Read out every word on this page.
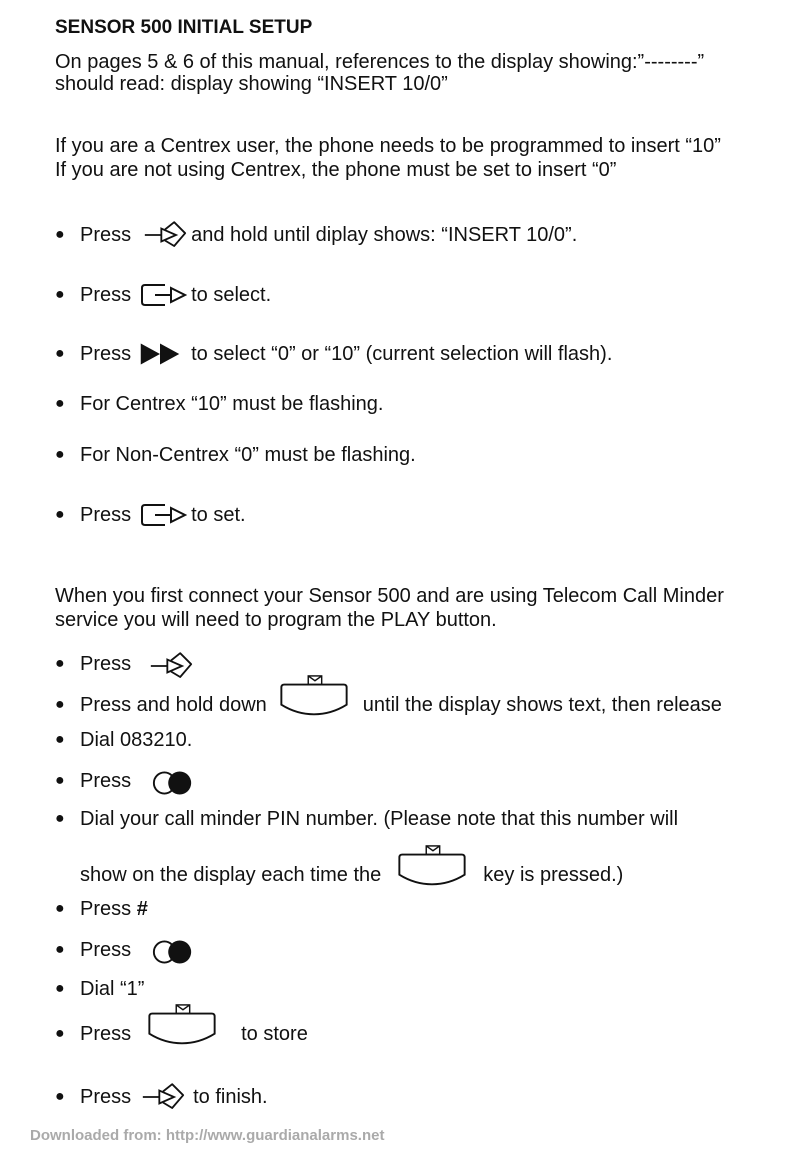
SENSOR 500 INITIAL SETUP
On pages 5 & 6 of this manual, references to the display showing:”--------”
should read: display showing “INSERT 10/0”
If you are a Centrex user, the phone needs to be programmed to insert “10”
If you are not using Centrex, the phone must be set to insert “0”
● Press	and hold until diplay shows: “INSERT 10/0”.
● Press	to select.
● Press	to select “0” or “10” (current selection will flash).
● For Centrex “10” must be flashing.
● For Non-Centrex “0” must be flashing.
● Press	to set.
When you first connect your Sensor 500 and are using Telecom Call Minder
service you will need to program the PLAY button.
● Press
● Press and hold down	until the display shows text, then release
● Dial 083210.
● Press
● Dial your call minder PIN number. (Please note that this number will
show on the display each time the	key is pressed.)
● Press
#
● Press
● Dial “1”
● Press	to store
● Press	to finish.
Downloaded from: http://www.guardianalarms.net
